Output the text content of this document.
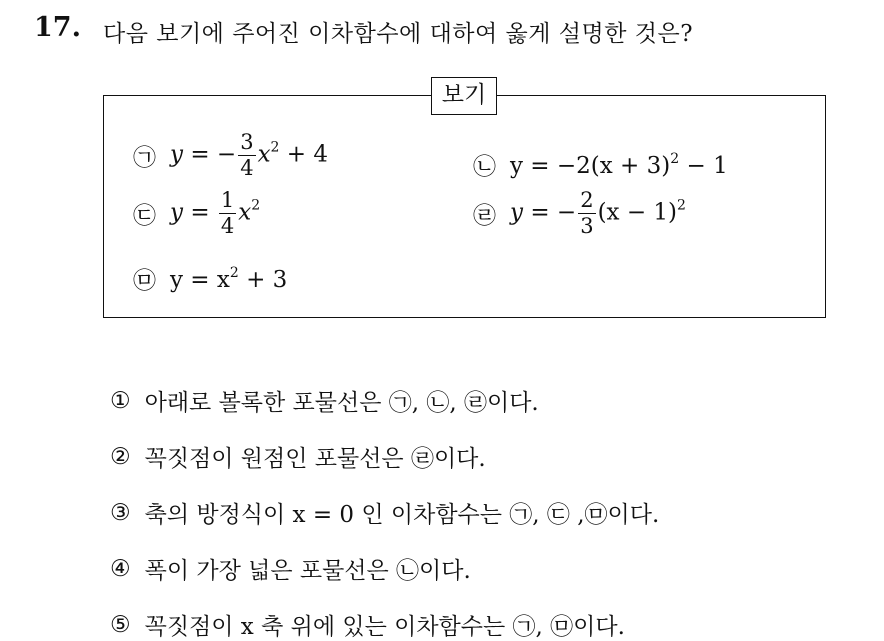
17. 다음 보기에 주어진 이차함수에 대하여 옳게 설명한 것은?
보기
㉠ y = − $\frac{3}{4} x^2 + 4$	㉡ $y = -2(x + 3)^2 - 1$
㉢ $y = \frac{1}{4} x^2$	㉣ y = − $\frac{2}{3} (x - 1)^2$
㉤ $y = x^2 + 3$
① 아래로 볼록한 포물선은 ㉠, ㉡, ㉣이다.
② 꼭짓점이 원점인 포물선은 ㉣이다.
③ 축의 방정식이 x = 0 인 이차함수는 ㉠, ㉢ ,㉤이다.
④ 폭이 가장 넓은 포물선은 ㉡이다.
⑤ 꼭짓점이 x 축 위에 있는 이차함수는 ㉠, ㉤이다.
